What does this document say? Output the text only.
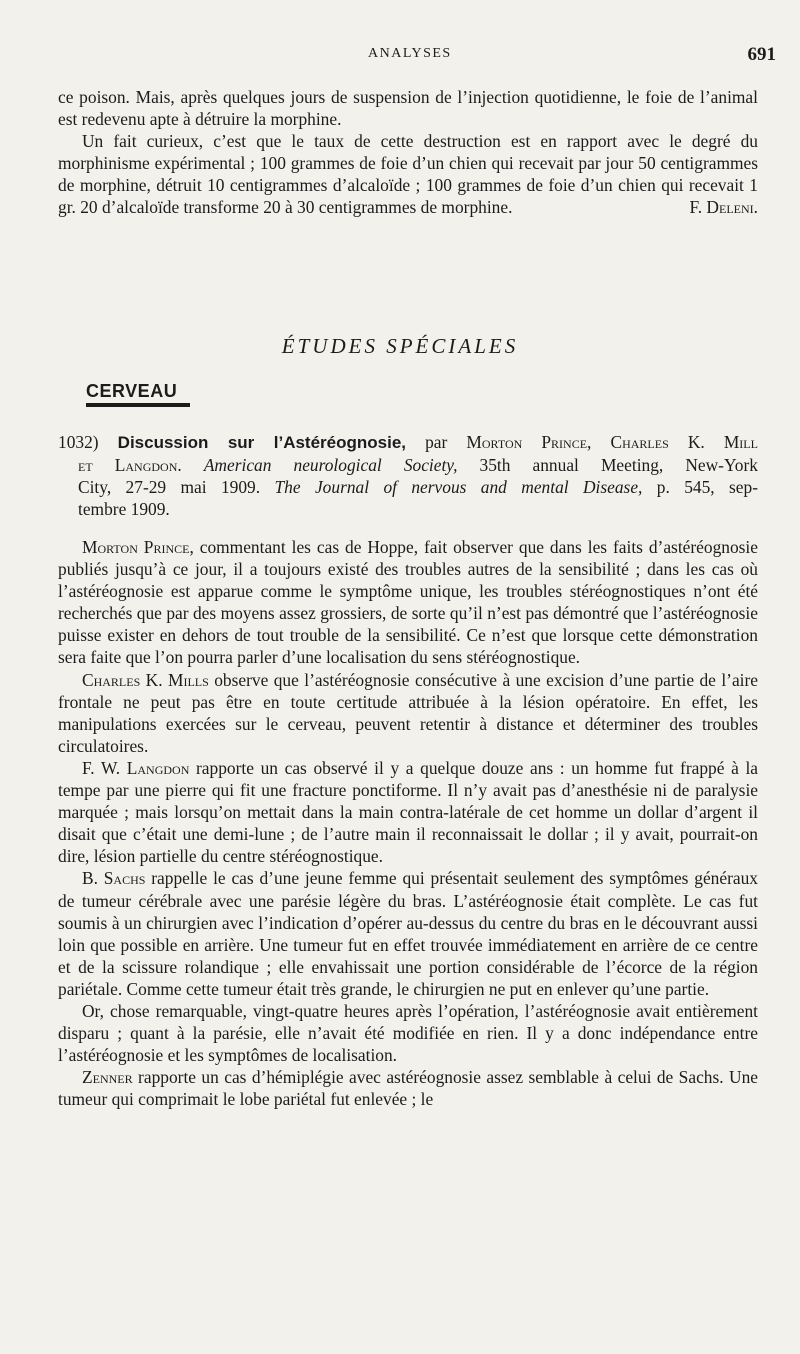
ANALYSES	691

ce poison. Mais, après quelques jours de suspension de l’injection quotidienne, le foie de l’animal est redevenu apte à détruire la morphine.

Un fait curieux, c’est que le taux de cette destruction est en rapport avec le degré du morphinisme expérimental ; 100 grammes de foie d’un chien qui recevait par jour 50 centigrammes de morphine, détruit 10 centigrammes d’alcaloïde ; 100 grammes de foie d’un chien qui recevait 1 gr. 20 d’alcaloïde transforme 20 à 30 centigrammes de morphine.	F. Deleni.

ÉTUDES SPÉCIALES
CERVEAU
1032) Discussion sur l’Astéréognosie, par Morton Prince, Charles K. Mill
et Langdon. American neurological Society, 35th annual Meeting, New-York
City, 27-29 mai 1909. The Journal of nervous and mental Disease, p. 545, sep-
tembre 1909.

Morton Prince, commentant les cas de Hoppe, fait observer que dans les faits d’astéréognosie publiés jusqu’à ce jour, il a toujours existé des troubles autres de la sensibilité ; dans les cas où l’astéréognosie est apparue comme le symptôme unique, les troubles stéréognostiques n’ont été recherchés que par des moyens assez grossiers, de sorte qu’il n’est pas démontré que l’astéréognosie puisse exister en dehors de tout trouble de la sensibilité. Ce n’est que lorsque cette démonstration sera faite que l’on pourra parler d’une localisation du sens stéréognostique.

Charles K. Mills observe que l’astéréognosie consécutive à une excision d’une partie de l’aire frontale ne peut pas être en toute certitude attribuée à la lésion opératoire. En effet, les manipulations exercées sur le cerveau, peuvent retentir à distance et déterminer des troubles circulatoires.

F. W. Langdon rapporte un cas observé il y a quelque douze ans : un homme fut frappé à la tempe par une pierre qui fit une fracture ponctiforme. Il n’y avait pas d’anesthésie ni de paralysie marquée ; mais lorsqu’on mettait dans la main contra-latérale de cet homme un dollar d’argent il disait que c’était une demi-lune ; de l’autre main il reconnaissait le dollar ; il y avait, pourrait-on dire, lésion partielle du centre stéréognostique.

B. Sachs rappelle le cas d’une jeune femme qui présentait seulement des symptômes généraux de tumeur cérébrale avec une parésie légère du bras. L’astéréognosie était complète. Le cas fut soumis à un chirurgien avec l’indication d’opérer au-dessus du centre du bras en le découvrant aussi loin que possible en arrière. Une tumeur fut en effet trouvée immédiatement en arrière de ce centre et de la scissure rolandique ; elle envahissait une portion considérable de l’écorce de la région pariétale. Comme cette tumeur était très grande, le chirurgien ne put en enlever qu’une partie.

Or, chose remarquable, vingt-quatre heures après l’opération, l’astéréognosie avait entièrement disparu ; quant à la parésie, elle n’avait été modifiée en rien. Il y a donc indépendance entre l’astéréognosie et les symptômes de localisation.

Zenner rapporte un cas d’hémiplégie avec astéréognosie assez semblable à celui de Sachs. Une tumeur qui comprimait le lobe pariétal fut enlevée ; le
